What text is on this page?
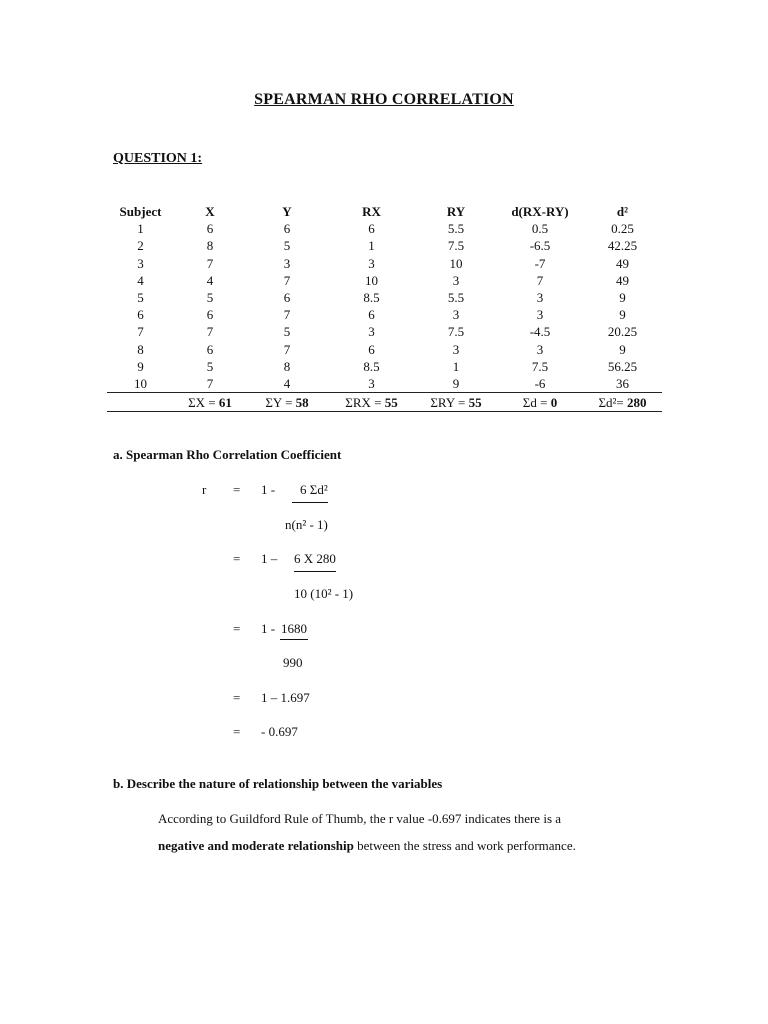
SPEARMAN RHO CORRELATION
QUESTION 1:
Subject	X	Y	RX	RY	d(RX-RY)	d²
1	6	6	6	5.5	0.5	0.25
2	8	5	1	7.5	-6.5	42.25
3	7	3	3	10	-7	49
4	4	7	10	3	7	49
5	5	6	8.5	5.5	3	9
6	6	7	6	3	3	9
7	7	5	3	7.5	-4.5	20.25
8	6	7	6	3	3	9
9	5	8	8.5	1	7.5	56.25
10	7	4	3	9	-6	36
	ΣX = 61	ΣY = 58	ΣRX = 55	ΣRY = 55	Σd = 0	Σd²= 280
a. Spearman Rho Correlation Coefficient
r = 1 - 6 Σd²
n(n² - 1)
= 1 – 6 X 280
10 (10² - 1)
= 1 - 1680
990
= 1 – 1.697
= - 0.697
b. Describe the nature of relationship between the variables
According to Guildford Rule of Thumb, the r value -0.697 indicates there is a
negative and moderate relationship between the stress and work performance.
